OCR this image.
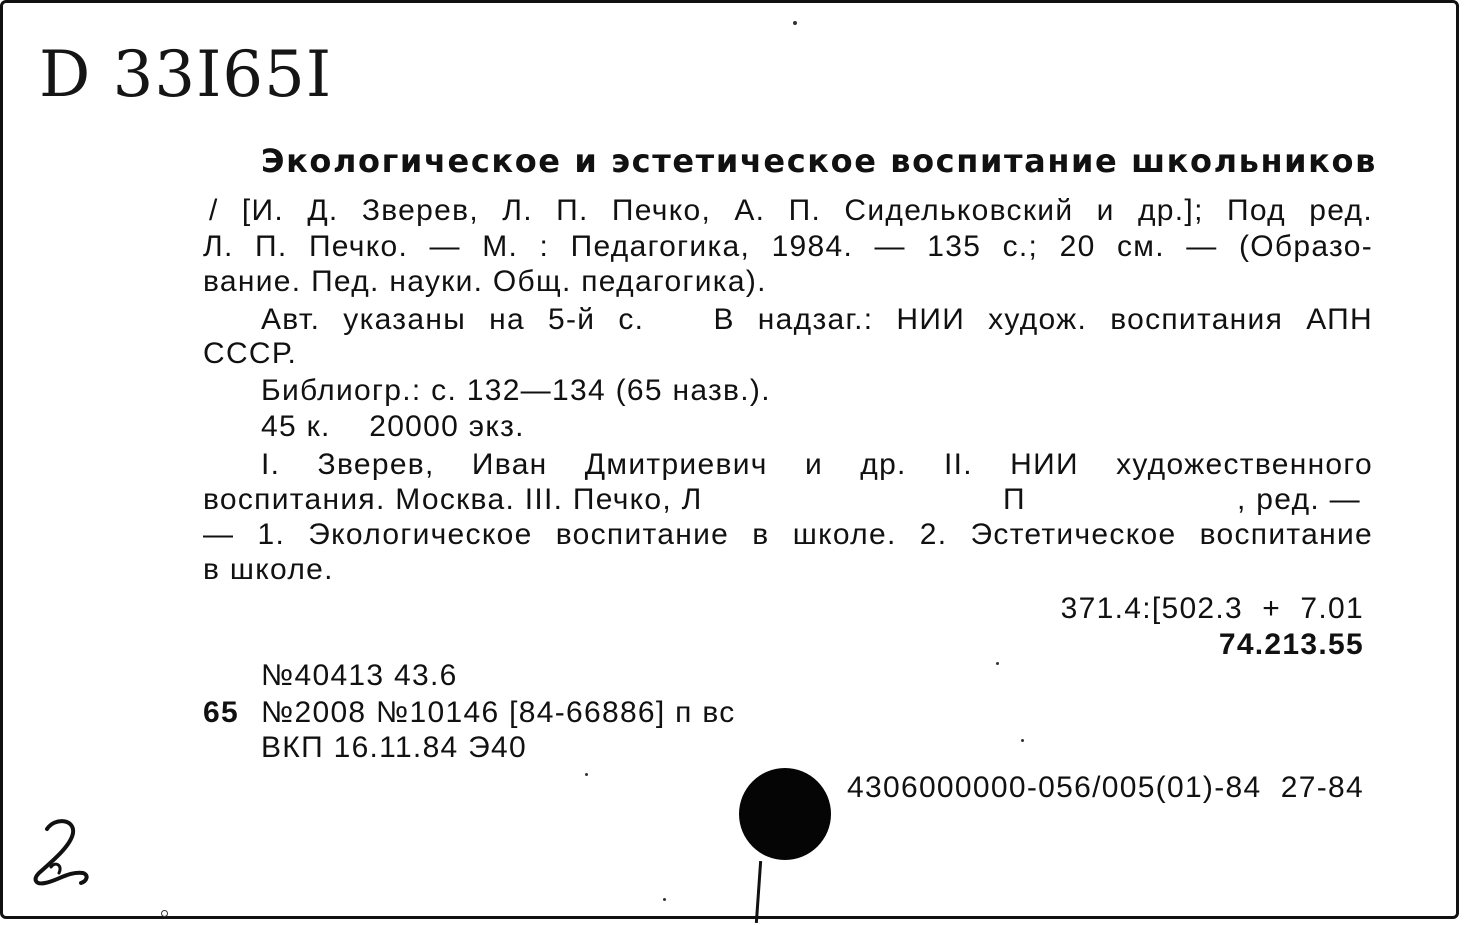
D 33I65I
Экологическое и эстетическое воспитание школьников
/ [И. Д. Зверев, Л. П. Печко, А. П. Сидельковский и др.]; Под ред.
Л. П. Печко. — М. : Педагогика, 1984. — 135 с.; 20 см. — (Образо-
вание. Пед. науки. Общ. педагогика).
Авт. указаны на 5-й с.   В надзаг.: НИИ худож. воспитания АПН
СССР.
Библиогр.: с. 132—134 (65 назв.).
45 к.    20000 экз.
I. Зверев, Иван Дмитриевич и др. II. НИИ художественного
воспитания. Москва. III. Печко, Л	П	, ред. —
— 1. Экологическое воспитание в школе. 2. Эстетическое воспитание
в школе.
371.4:[502.3  +  7.01
74.213.55
№40413 43.6
65 №2008 №10146 [84-66886] п вс
ВКП 16.11.84 Э40
4306000000-056/005(01)-84  27-84
